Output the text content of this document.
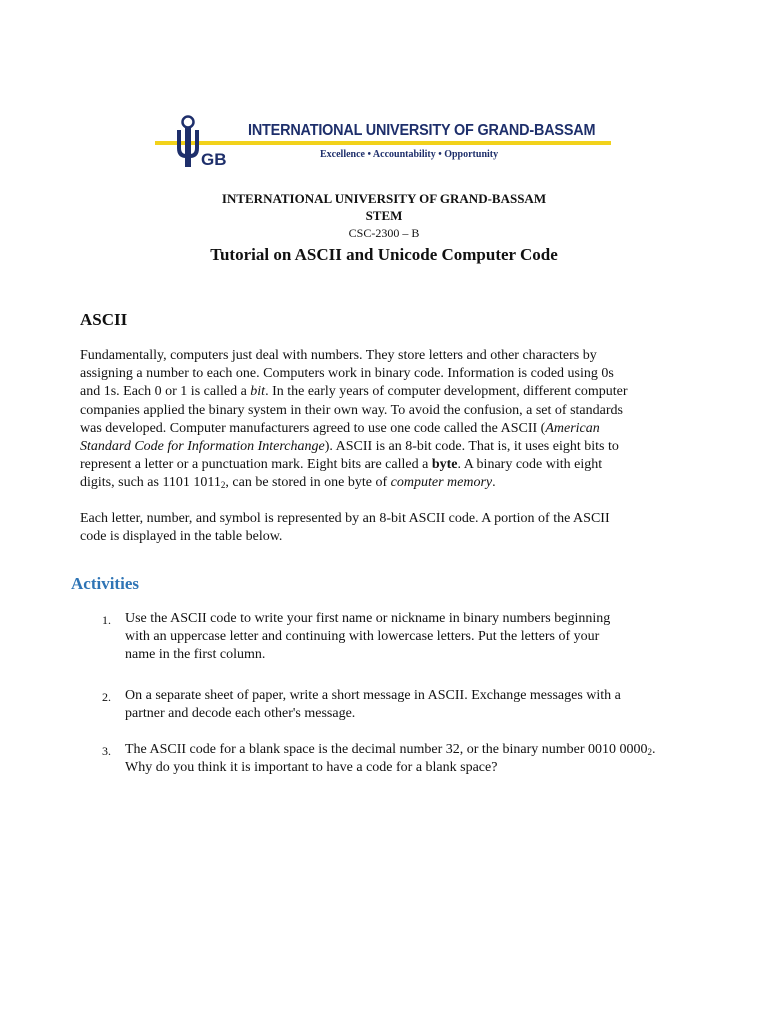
INTERNATIONAL UNIVERSITY OF GRAND-BASSAM
Excellence • Accountability • Opportunity
GB
INTERNATIONAL UNIVERSITY OF GRAND-BASSAM
STEM
CSC-2300 – B
Tutorial on ASCII and Unicode Computer Code
ASCII
Fundamentally, computers just deal with numbers. They store letters and other characters by
assigning a number to each one. Computers work in binary code. Information is coded using 0s
and 1s. Each 0 or 1 is called a bit. In the early years of computer development, different computer
companies applied the binary system in their own way. To avoid the confusion, a set of standards
was developed. Computer manufacturers agreed to use one code called the ASCII (American
Standard Code for Information Interchange). ASCII is an 8-bit code. That is, it uses eight bits to
represent a letter or a punctuation mark. Eight bits are called a byte. A binary code with eight
digits, such as 1101 $1011_2$, can be stored in one byte of computer memory.
Each letter, number, and symbol is represented by an 8-bit ASCII code. A portion of the ASCII
code is displayed in the table below.
Activities
1. Use the ASCII code to write your first name or nickname in binary numbers beginning
with an uppercase letter and continuing with lowercase letters. Put the letters of your
name in the first column.
2. On a separate sheet of paper, write a short message in ASCII. Exchange messages with a
partner and decode each other's message.
3. The ASCII code for a blank space is the decimal number 32, or the binary number 0010 $0000_2$.
Why do you think it is important to have a code for a blank space?
